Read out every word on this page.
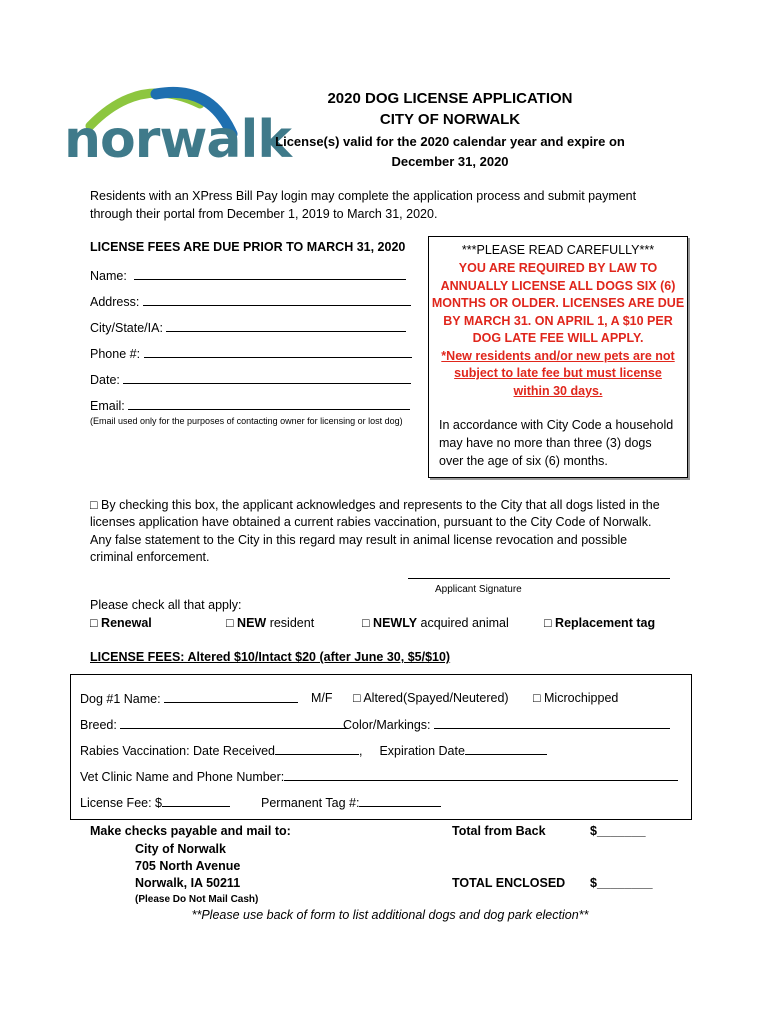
norwalk
2020 DOG LICENSE APPLICATION
CITY OF NORWALK
License(s) valid for the 2020 calendar year and expire on
December 31, 2020
Residents with an XPress Bill Pay login may complete the application process and submit payment
through their portal from December 1, 2019 to March 31, 2020.
LICENSE FEES ARE DUE PRIOR TO MARCH 31, 2020
Name:
Address:
City/State/IA:
Phone #:
Date:
Email:
(Email used only for the purposes of contacting owner for licensing or lost dog)
***PLEASE READ CAREFULLY***
YOU ARE REQUIRED BY LAW TO
ANNUALLY LICENSE ALL DOGS SIX (6)
MONTHS OR OLDER. LICENSES ARE DUE
BY MARCH 31. ON APRIL 1, A $10 PER
DOG LATE FEE WILL APPLY.
*New residents and/or new pets are not
subject to late fee but must license
within 30 days.
In accordance with City Code a household
may have no more than three (3) dogs
over the age of six (6) months.
□ By checking this box, the applicant acknowledges and represents to the City that all dogs listed in the
licenses application have obtained a current rabies vaccination, pursuant to the City Code of Norwalk.
Any false statement to the City in this regard may result in animal license revocation and possible
criminal enforcement.
Applicant Signature
Please check all that apply:
□ Renewal	□ NEW resident	□ NEWLY acquired animal	□ Replacement tag
LICENSE FEES: Altered $10/Intact $20 (after June 30, $5/$10)
Dog #1 Name:	M/F □ Altered(Spayed/Neutered) □ Microchipped
Breed:	Color/Markings:
Rabies Vaccination: Date Received	, Expiration Date
Vet Clinic Name and Phone Number:
License Fee: $	Permanent Tag #:
Make checks payable and mail to:
City of Norwalk
705 North Avenue
Norwalk, IA 50211
(Please Do Not Mail Cash)
Total from Back	$_______
TOTAL ENCLOSED $________
**Please use back of form to list additional dogs and dog park election**
